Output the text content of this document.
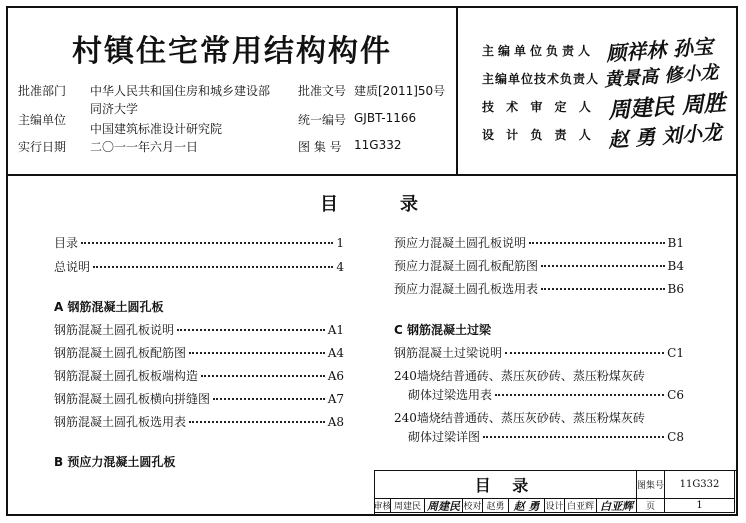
村镇住宅常用结构构件
批准部门 中华人民共和国住房和城乡建设部
主编单位
同济大学
中国建筑标准设计研究院
实行日期 二〇一一年六月一日
批准文号 建质[2011]50号
统一编号 GJBT-1166
图 集 号 11G332
主编单位负责人 顾祥林 孙宝
主编单位技术负责人 黄景高 修小龙
技 术 审 定 人 周建民 周胜
设 计 负 责 人 赵 勇 刘小龙
目	录
目录	1
总说明	4
A 钢筋混凝土圆孔板
钢筋混凝土圆孔板说明	A1
钢筋混凝土圆孔板配筋图	A4
钢筋混凝土圆孔板板端构造	A6
钢筋混凝土圆孔板横向拼缝图	A7
钢筋混凝土圆孔板选用表	A8
B 预应力混凝土圆孔板
预应力混凝土圆孔板说明	B1
预应力混凝土圆孔板配筋图	B4
预应力混凝土圆孔板选用表	B6
C 钢筋混凝土过梁
钢筋混凝土过梁说明	C1
240墙烧结普通砖、蒸压灰砂砖、蒸压粉煤灰砖
砌体过梁选用表	C6
240墙烧结普通砖、蒸压灰砂砖、蒸压粉煤灰砖
砌体过梁详图	C8
目 录	图集号	11G332
审核 周建民 周建民 校对 赵勇 赵 勇 设计 白亚辉 白亚辉	页	1
